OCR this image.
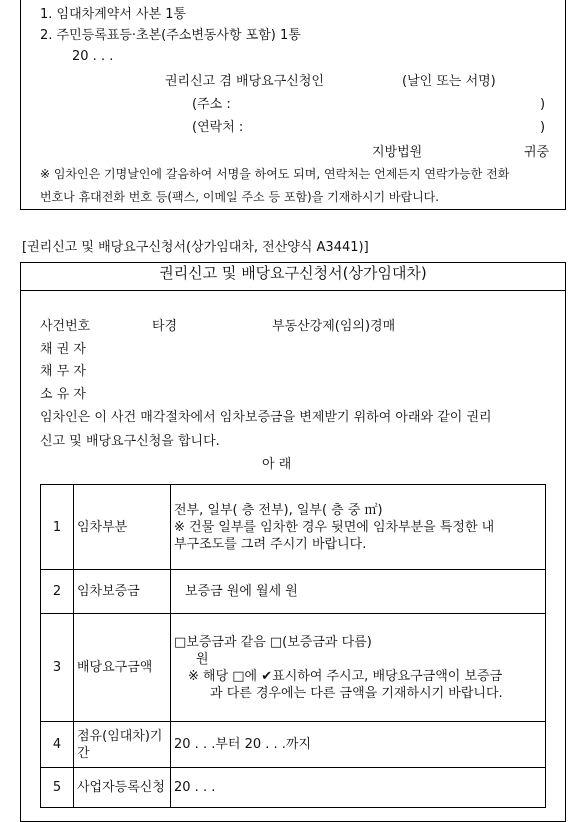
1. 임대차계약서 사본 1통
2. 주민등록표등·초본(주소변동사항 포함) 1통
20 . . .
권리신고 겸 배당요구신청인	(날인 또는 서명)
(주소 :	)
(연락처 :	)
지방법원	귀중
※ 임차인은 기명날인에 갈음하여 서명을 하여도 되며, 연락처는 언제든지 연락가능한 전화
번호나 휴대전화 번호 등(팩스, 이메일 주소 등 포함)을 기재하시기 바랍니다.
[권리신고 및 배당요구신청서(상가임대차, 전산양식 A3441)]
권리신고 및 배당요구신청서(상가임대차)
사건번호	타경	부동산강제(임의)경매
채 권 자
채 무 자
소 유 자
임차인은 이 사건 매각절차에서 임차보증금을 변제받기 위하여 아래와 같이 권리
신고 및 배당요구신청을 합니다.
아 래
1	임차부분	전부, 일부( 층 전부), 일부( 층 중 ㎡)
※ 건물 일부를 임차한 경우 뒷면에 임차부분을 특정한 내
부구조도를 그려 주시기 바랍니다.

2	임차보증금	보증금 원에 월세 원
3	배당요구금액	□보증금과 같음 □(보증금과 다름)
원
※ 해당 □에 ✔표시하여 주시고, 배당요구금액이 보증금
과 다른 경우에는 다른 금액을 기재하시기 바랍니다.

4	점유(임대차)기간	20 . . .부터 20 . . .까지
5	사업자등록신청	20 . . .
